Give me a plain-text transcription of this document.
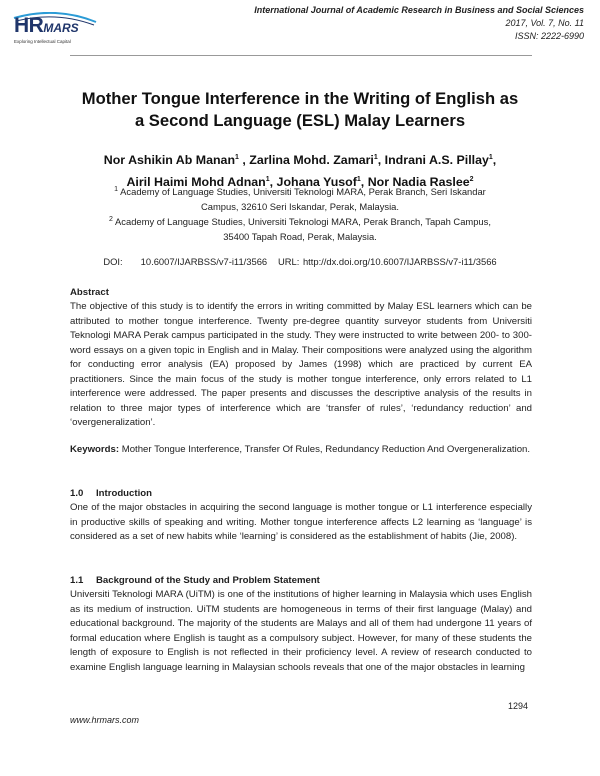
HRMARS
Exploring Intellectual Capital
International Journal of Academic Research in Business and Social Sciences
2017, Vol. 7, No. 11
ISSN: 2222-6990
Mother Tongue Interference in the Writing of English as
a Second Language (ESL) Malay Learners
Nor Ashikin Ab Manan$^1$ , Zarlina Mohd. Zamari$^1$, Indrani A.S. Pillay$^1$,
Airil Haimi Mohd Adnan$^1$, Johana Yusof$^1$, Nor Nadia Raslee$^2$
$^1$ Academy of Language Studies, Universiti Teknologi MARA, Perak Branch, Seri Iskandar
Campus, 32610 Seri Iskandar, Perak, Malaysia.
$^2$ Academy of Language Studies, Universiti Teknologi MARA, Perak Branch, Tapah Campus,
35400 Tapah Road, Perak, Malaysia.
DOI: 10.6007/IJARBSS/v7-i11/3566 URL: http://dx.doi.org/10.6007/IJARBSS/v7-i11/3566
Abstract
The objective of this study is to identify the errors in writing committed by Malay ESL learners which can be attributed to mother tongue interference. Twenty pre-degree quantity surveyor students from Universiti Teknologi MARA Perak campus participated in the study. They were instructed to write between 200- to 300-word essays on a given topic in English and in Malay. Their compositions were analyzed using the algorithm for conducting error analysis (EA) proposed by James (1998) which are practiced by current EA practitioners. Since the main focus of the study is mother tongue interference, only errors related to L1 interference were addressed. The paper presents and discusses the descriptive analysis of the results in relation to three major types of interference which are ‘transfer of rules’, ‘redundancy reduction’ and ‘overgeneralization’.
Keywords: Mother Tongue Interference, Transfer Of Rules, Redundancy Reduction And Overgeneralization.
1.0 Introduction
One of the major obstacles in acquiring the second language is mother tongue or L1 interference especially in productive skills of speaking and writing. Mother tongue interference affects L2 learning as ‘language’ is considered as a set of new habits while ‘learning’ is considered as the establishment of habits (Jie, 2008).
1.1 Background of the Study and Problem Statement
Universiti Teknologi MARA (UiTM) is one of the institutions of higher learning in Malaysia which uses English as its medium of instruction. UiTM students are homogeneous in terms of their first language (Malay) and educational background. The majority of the students are Malays and all of them had undergone 11 years of formal education where English is taught as a compulsory subject. However, for many of these students the length of exposure to English is not reflected in their proficiency level. A review of research conducted to examine English language learning in Malaysian schools reveals that one of the major obstacles in learning
1294
www.hrmars.com
